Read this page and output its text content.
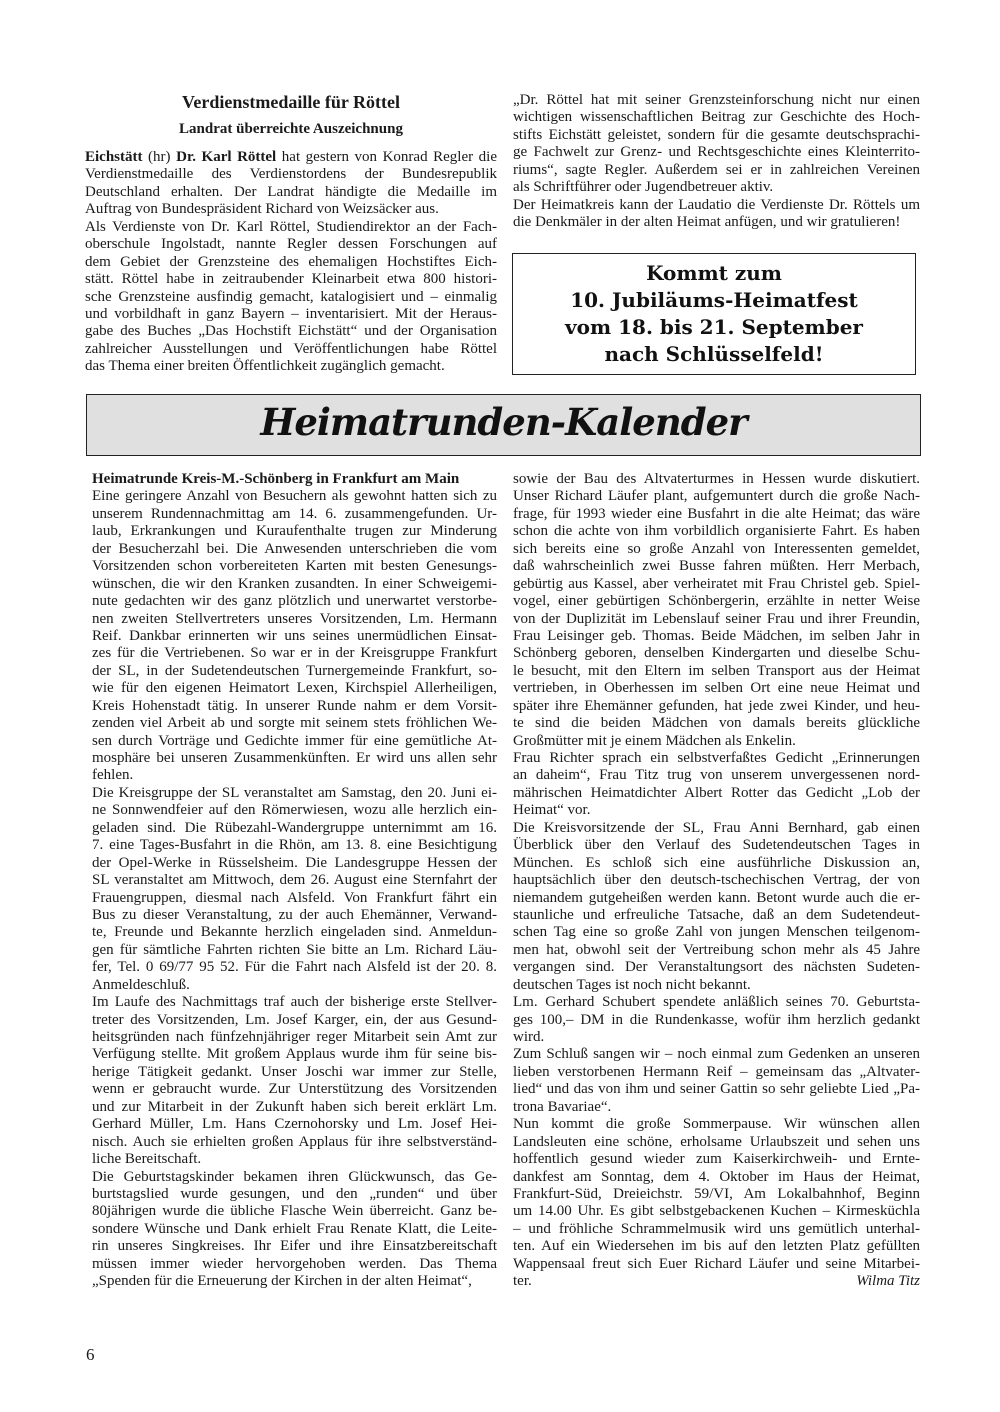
Verdienstmedaille für Röttel
Landrat überreichte Auszeichnung
Eichstätt (hr) Dr. Karl Röttel hat gestern von Konrad Regler die
Verdienstmedaille des Verdienstordens der Bundesrepublik
Deutschland erhalten. Der Landrat händigte die Medaille im
Auftrag von Bundespräsident Richard von Weizsäcker aus.
Als Verdienste von Dr. Karl Röttel, Studiendirektor an der Fach-
oberschule Ingolstadt, nannte Regler dessen Forschungen auf
dem Gebiet der Grenzsteine des ehemaligen Hochstiftes Eich-
stätt. Röttel habe in zeitraubender Kleinarbeit etwa 800 histori-
sche Grenzsteine ausfindig gemacht, katalogisiert und – einmalig
und vorbildhaft in ganz Bayern – inventarisiert. Mit der Heraus-
gabe des Buches „Das Hochstift Eichstätt“ und der Organisation
zahlreicher Ausstellungen und Veröffentlichungen habe Röttel
das Thema einer breiten Öffentlichkeit zugänglich gemacht.
„Dr. Röttel hat mit seiner Grenzsteinforschung nicht nur einen
wichtigen wissenschaftlichen Beitrag zur Geschichte des Hoch-
stifts Eichstätt geleistet, sondern für die gesamte deutschsprachi-
ge Fachwelt zur Grenz- und Rechtsgeschichte eines Kleinterrito-
riums“, sagte Regler. Außerdem sei er in zahlreichen Vereinen
als Schriftführer oder Jugendbetreuer aktiv.
Der Heimatkreis kann der Laudatio die Verdienste Dr. Röttels um
die Denkmäler in der alten Heimat anfügen, und wir gratulieren!
Kommt zum
10. Jubiläums-Heimatfest
vom 18. bis 21. September
nach Schlüsselfeld!
Heimatrunden-Kalender
Heimatrunde Kreis-M.-Schönberg in Frankfurt am Main
Eine geringere Anzahl von Besuchern als gewohnt hatten sich zu
unserem Rundennachmittag am 14. 6. zusammengefunden. Ur-
laub, Erkrankungen und Kuraufenthalte trugen zur Minderung
der Besucherzahl bei. Die Anwesenden unterschrieben die vom
Vorsitzenden schon vorbereiteten Karten mit besten Genesungs-
wünschen, die wir den Kranken zusandten. In einer Schweigemi-
nute gedachten wir des ganz plötzlich und unerwartet verstorbe-
nen zweiten Stellvertreters unseres Vorsitzenden, Lm. Hermann
Reif. Dankbar erinnerten wir uns seines unermüdlichen Einsat-
zes für die Vertriebenen. So war er in der Kreisgruppe Frankfurt
der SL, in der Sudetendeutschen Turnergemeinde Frankfurt, so-
wie für den eigenen Heimatort Lexen, Kirchspiel Allerheiligen,
Kreis Hohenstadt tätig. In unserer Runde nahm er dem Vorsit-
zenden viel Arbeit ab und sorgte mit seinem stets fröhlichen We-
sen durch Vorträge und Gedichte immer für eine gemütliche At-
mosphäre bei unseren Zusammenkünften. Er wird uns allen sehr
fehlen.
Die Kreisgruppe der SL veranstaltet am Samstag, den 20. Juni ei-
ne Sonnwendfeier auf den Römerwiesen, wozu alle herzlich ein-
geladen sind. Die Rübezahl-Wandergruppe unternimmt am 16.
7. eine Tages-Busfahrt in die Rhön, am 13. 8. eine Besichtigung
der Opel-Werke in Rüsselsheim. Die Landesgruppe Hessen der
SL veranstaltet am Mittwoch, dem 26. August eine Sternfahrt der
Frauengruppen, diesmal nach Alsfeld. Von Frankfurt fährt ein
Bus zu dieser Veranstaltung, zu der auch Ehemänner, Verwand-
te, Freunde und Bekannte herzlich eingeladen sind. Anmeldun-
gen für sämtliche Fahrten richten Sie bitte an Lm. Richard Läu-
fer, Tel. 0 69/77 95 52. Für die Fahrt nach Alsfeld ist der 20. 8.
Anmeldeschluß.
Im Laufe des Nachmittags traf auch der bisherige erste Stellver-
treter des Vorsitzenden, Lm. Josef Karger, ein, der aus Gesund-
heitsgründen nach fünfzehnjähriger reger Mitarbeit sein Amt zur
Verfügung stellte. Mit großem Applaus wurde ihm für seine bis-
herige Tätigkeit gedankt. Unser Joschi war immer zur Stelle,
wenn er gebraucht wurde. Zur Unterstützung des Vorsitzenden
und zur Mitarbeit in der Zukunft haben sich bereit erklärt Lm.
Gerhard Müller, Lm. Hans Czernohorsky und Lm. Josef Hei-
nisch. Auch sie erhielten großen Applaus für ihre selbstverständ-
liche Bereitschaft.
Die Geburtstagskinder bekamen ihren Glückwunsch, das Ge-
burtstagslied wurde gesungen, und den „runden“ und über
80jährigen wurde die übliche Flasche Wein überreicht. Ganz be-
sondere Wünsche und Dank erhielt Frau Renate Klatt, die Leite-
rin unseres Singkreises. Ihr Eifer und ihre Einsatzbereitschaft
müssen immer wieder hervorgehoben werden. Das Thema
„Spenden für die Erneuerung der Kirchen in der alten Heimat“,
sowie der Bau des Altvaterturmes in Hessen wurde diskutiert.
Unser Richard Läufer plant, aufgemuntert durch die große Nach-
frage, für 1993 wieder eine Busfahrt in die alte Heimat; das wäre
schon die achte von ihm vorbildlich organisierte Fahrt. Es haben
sich bereits eine so große Anzahl von Interessenten gemeldet,
daß wahrscheinlich zwei Busse fahren müßten. Herr Merbach,
gebürtig aus Kassel, aber verheiratet mit Frau Christel geb. Spiel-
vogel, einer gebürtigen Schönbergerin, erzählte in netter Weise
von der Duplizität im Lebenslauf seiner Frau und ihrer Freundin,
Frau Leisinger geb. Thomas. Beide Mädchen, im selben Jahr in
Schönberg geboren, denselben Kindergarten und dieselbe Schu-
le besucht, mit den Eltern im selben Transport aus der Heimat
vertrieben, in Oberhessen im selben Ort eine neue Heimat und
später ihre Ehemänner gefunden, hat jede zwei Kinder, und heu-
te sind die beiden Mädchen von damals bereits glückliche
Großmütter mit je einem Mädchen als Enkelin.
Frau Richter sprach ein selbstverfaßtes Gedicht „Erinnerungen
an daheim“, Frau Titz trug von unserem unvergessenen nord-
mährischen Heimatdichter Albert Rotter das Gedicht „Lob der
Heimat“ vor.
Die Kreisvorsitzende der SL, Frau Anni Bernhard, gab einen
Überblick über den Verlauf des Sudetendeutschen Tages in
München. Es schloß sich eine ausführliche Diskussion an,
hauptsächlich über den deutsch-tschechischen Vertrag, der von
niemandem gutgeheißen werden kann. Betont wurde auch die er-
staunliche und erfreuliche Tatsache, daß an dem Sudetendeut-
schen Tag eine so große Zahl von jungen Menschen teilgenom-
men hat, obwohl seit der Vertreibung schon mehr als 45 Jahre
vergangen sind. Der Veranstaltungsort des nächsten Sudeten-
deutschen Tages ist noch nicht bekannt.
Lm. Gerhard Schubert spendete anläßlich seines 70. Geburtsta-
ges 100,– DM in die Rundenkasse, wofür ihm herzlich gedankt
wird.
Zum Schluß sangen wir – noch einmal zum Gedenken an unseren
lieben verstorbenen Hermann Reif – gemeinsam das „Altvater-
lied“ und das von ihm und seiner Gattin so sehr geliebte Lied „Pa-
trona Bavariae“.
Nun kommt die große Sommerpause. Wir wünschen allen
Landsleuten eine schöne, erholsame Urlaubszeit und sehen uns
hoffentlich gesund wieder zum Kaiserkirchweih- und Ernte-
dankfest am Sonntag, dem 4. Oktober im Haus der Heimat,
Frankfurt-Süd, Dreieichstr. 59/VI, Am Lokalbahnhof, Beginn
um 14.00 Uhr. Es gibt selbstgebackenen Kuchen – Kirmesküchla
– und fröhliche Schrammelmusik wird uns gemütlich unterhal-
ten. Auf ein Wiedersehen im bis auf den letzten Platz gefüllten
Wappensaal freut sich Euer Richard Läufer und seine Mitarbei-
ter.	Wilma Titz
6
